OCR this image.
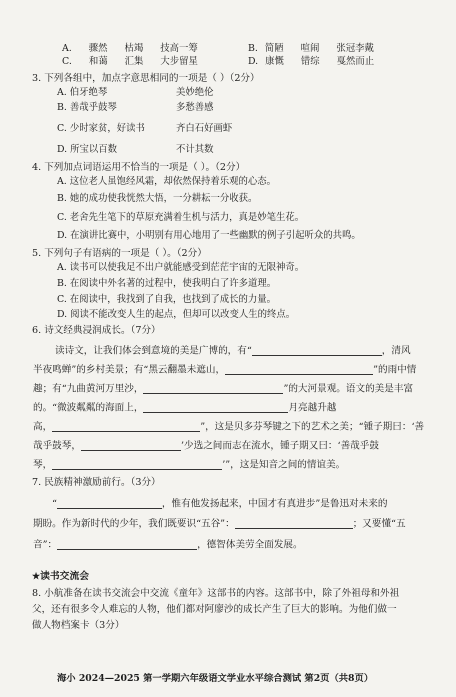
A. 骤然 枯竭 技高一筹	B. 简陋 喧闹 张冠李戴
C. 和蔼 汇集 大步留星	D. 康慨 错综 戛然而止
3. 下列各组中，加点字意思相同的一项是（ ）（2分）
A. 伯牙绝琴	美妙绝伦
B. 善哉乎鼓琴	多愁善感
C. 少时家贫，好读书	齐白石好画虾
D. 所宝以百数	不计其数
4. 下列加点词语运用不恰当的一项是（ ）。（2分）
A. 这位老人虽饱经风霜，却依然保持着乐观的心态。
B. 她的成功使我恍然大悟，一分耕耘一分收获。
C. 老舍先生笔下的草原充满着生机与活力，真是妙笔生花。
D. 在演讲比赛中，小明别有用心地用了一些幽默的例子引起听众的共鸣。
5. 下列句子有语病的一项是（ ）。（2分）
A. 读书可以使我足不出户就能感受到茫茫宇宙的无限神奇。
B. 在阅读中外名著的过程中，使我明白了许多道理。
C. 在阅读中，我找到了自我，也找到了成长的力量。
D. 阅读不能改变人生的起点，但却可以改变人生的终点。
6. 诗文经典浸润成长。（7分）
读诗文，让我们体会到意境的美是广博的，有“	，清风
半夜鸣蝉”的乡村美景；有“黑云翻墨未遮山，	”的雨中情
趣；有“九曲黄河万里沙，	”的大河景观。语文的美是丰富
的。“微波粼粼的海面上，	月亮越升越
高，	”，这是贝多芬琴键之下的艺术之美；“锺子期曰：‘善
哉乎鼓琴，	’少选之间而志在流水，锺子期又曰：‘善哉乎鼓
琴，	’”，这是知音之间的情谊美。
7. 民族精神激励前行。（3分）
“	，惟有他发扬起来，中国才有真进步”是鲁迅对未来的
期盼。作为新时代的少年，我们既要识“五谷”：	；又要懂“五
音”：	，德智体美劳全面发展。
★读书交流会
8. 小航准备在读书交流会中交流《童年》这部书的内容。这部书中，除了外祖母和外祖
父，还有很多令人难忘的人物，他们都对阿廖沙的成长产生了巨大的影响。为他们做一
做人物档案卡（3分）
海小 2024—2025 第一学期六年级语文学业水平综合测试 第2页（共8页）
